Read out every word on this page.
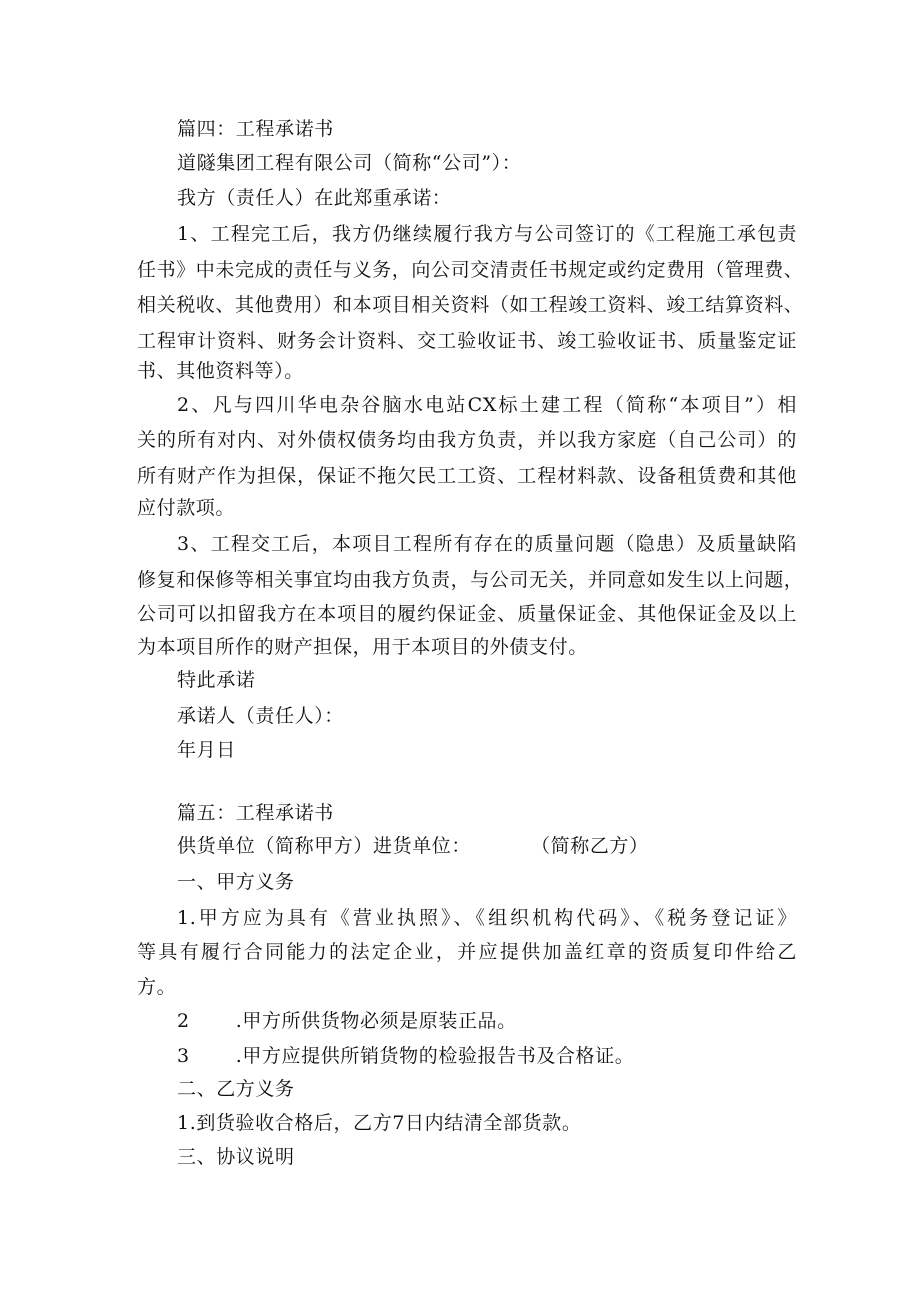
篇四：工程承诺书
道隧集团工程有限公司（简称“公司”）：
我方（责任人）在此郑重承诺：
1、工程完工后，我方仍继续履行我方与公司签订的《工程施工承包责
任书》中未完成的责任与义务，向公司交清责任书规定或约定费用（管理费、
相关税收、其他费用）和本项目相关资料（如工程竣工资料、竣工结算资料、
工程审计资料、财务会计资料、交工验收证书、竣工验收证书、质量鉴定证
书、其他资料等）。
2、凡与四川华电杂谷脑水电站CX标土建工程（简称“本项目”）相
关的所有对内、对外债权债务均由我方负责，并以我方家庭（自己公司）的
所有财产作为担保，保证不拖欠民工工资、工程材料款、设备租赁费和其他
应付款项。
3、工程交工后，本项目工程所有存在的质量问题（隐患）及质量缺陷
修复和保修等相关事宜均由我方负责，与公司无关，并同意如发生以上问题，
公司可以扣留我方在本项目的履约保证金、质量保证金、其他保证金及以上
为本项目所作的财产担保，用于本项目的外债支付。
特此承诺
承诺人（责任人）：
年月日
篇五：工程承诺书
供货单位（简称甲方）进货单位：	（简称乙方）
一、甲方义务
1.甲方应为具有《营业执照》、《组织机构代码》、《税务登记证》
等具有履行合同能力的法定企业，并应提供加盖红章的资质复印件给乙
方。
2 .甲方所供货物必须是原装正品。
3 .甲方应提供所销货物的检验报告书及合格证。
二、乙方义务
1.到货验收合格后，乙方7日内结清全部货款。
三、协议说明
